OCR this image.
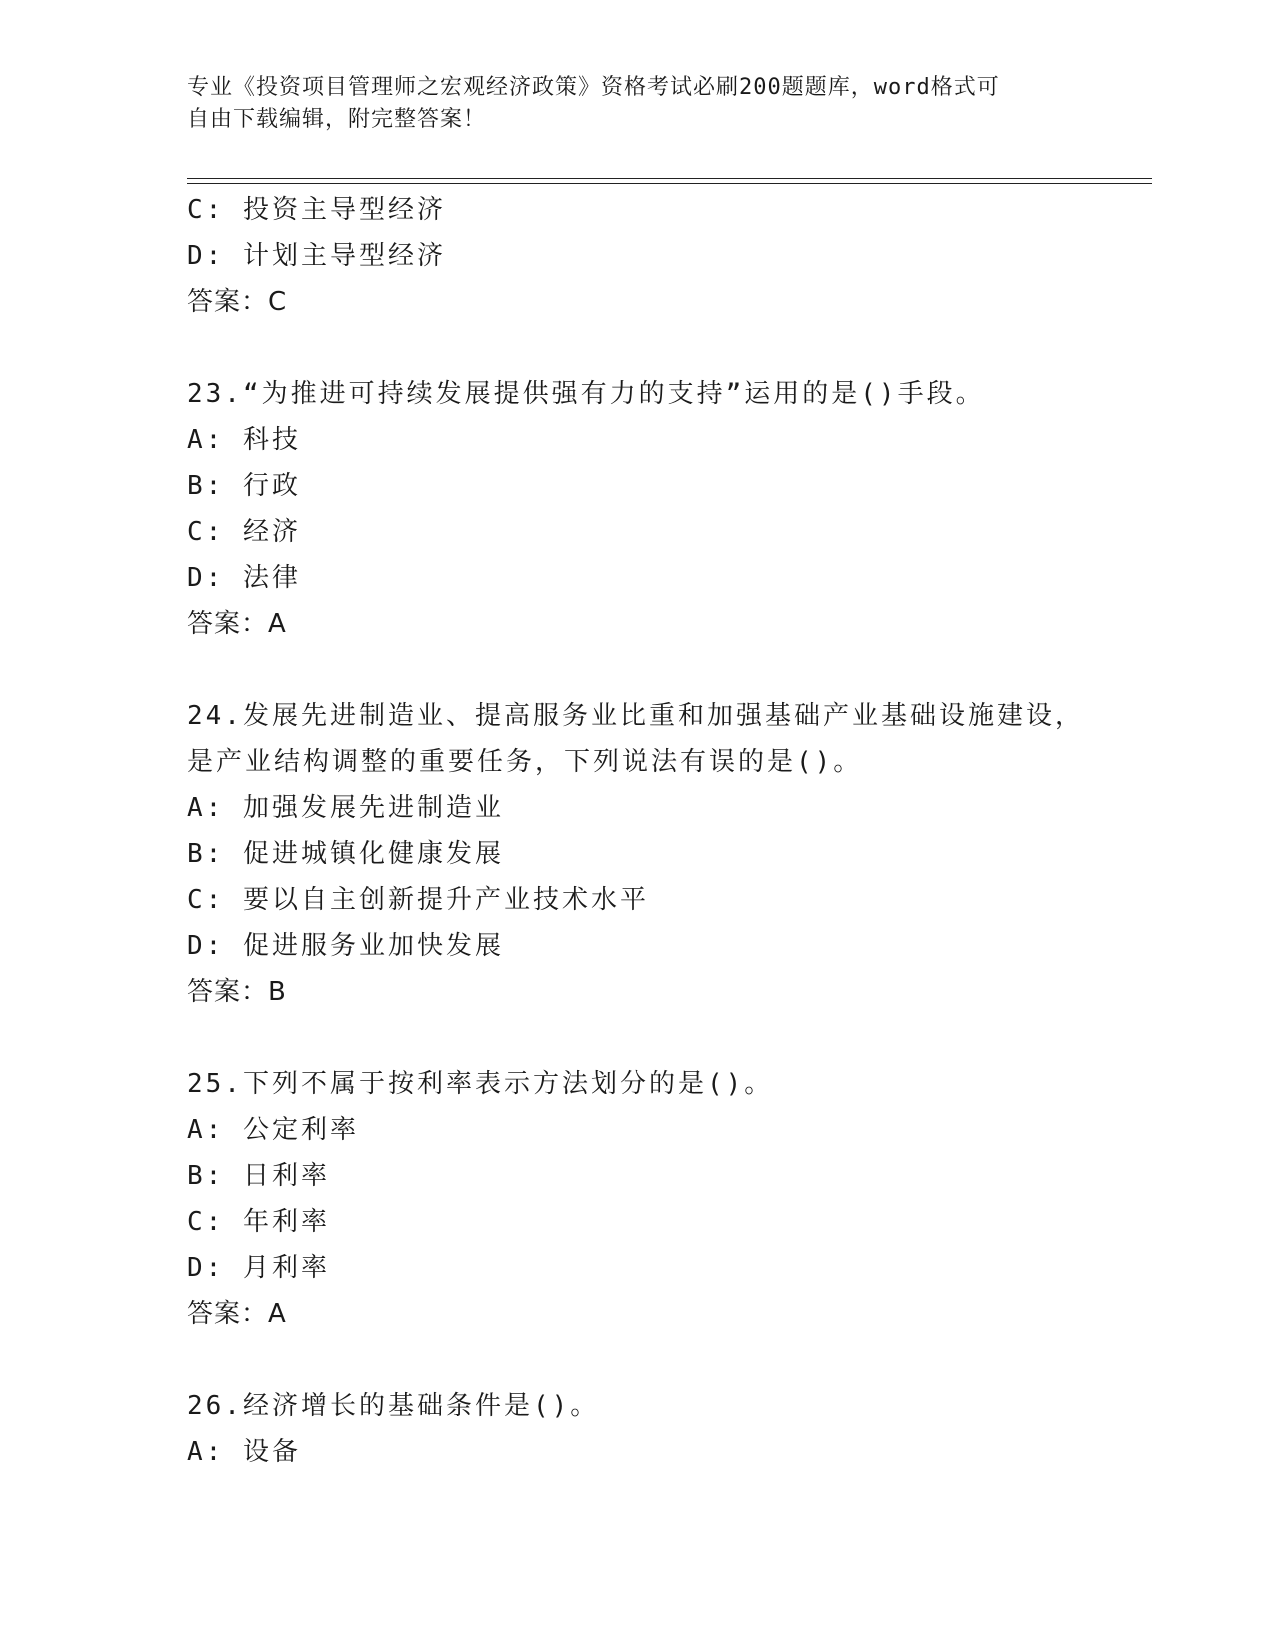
专业《投资项目管理师之宏观经济政策》资格考试必刷200题题库，word格式可
自由下载编辑，附完整答案！
C: 投资主导型经济
D: 计划主导型经济
答案：C
23.“为推进可持续发展提供强有力的支持”运用的是()手段。
A: 科技
B: 行政
C: 经济
D: 法律
答案：A
24.发展先进制造业、提高服务业比重和加强基础产业基础设施建设，
是产业结构调整的重要任务，下列说法有误的是()。
A: 加强发展先进制造业
B: 促进城镇化健康发展
C: 要以自主创新提升产业技术水平
D: 促进服务业加快发展
答案：B
25.下列不属于按利率表示方法划分的是()。
A: 公定利率
B: 日利率
C: 年利率
D: 月利率
答案：A
26.经济增长的基础条件是()。
A: 设备
